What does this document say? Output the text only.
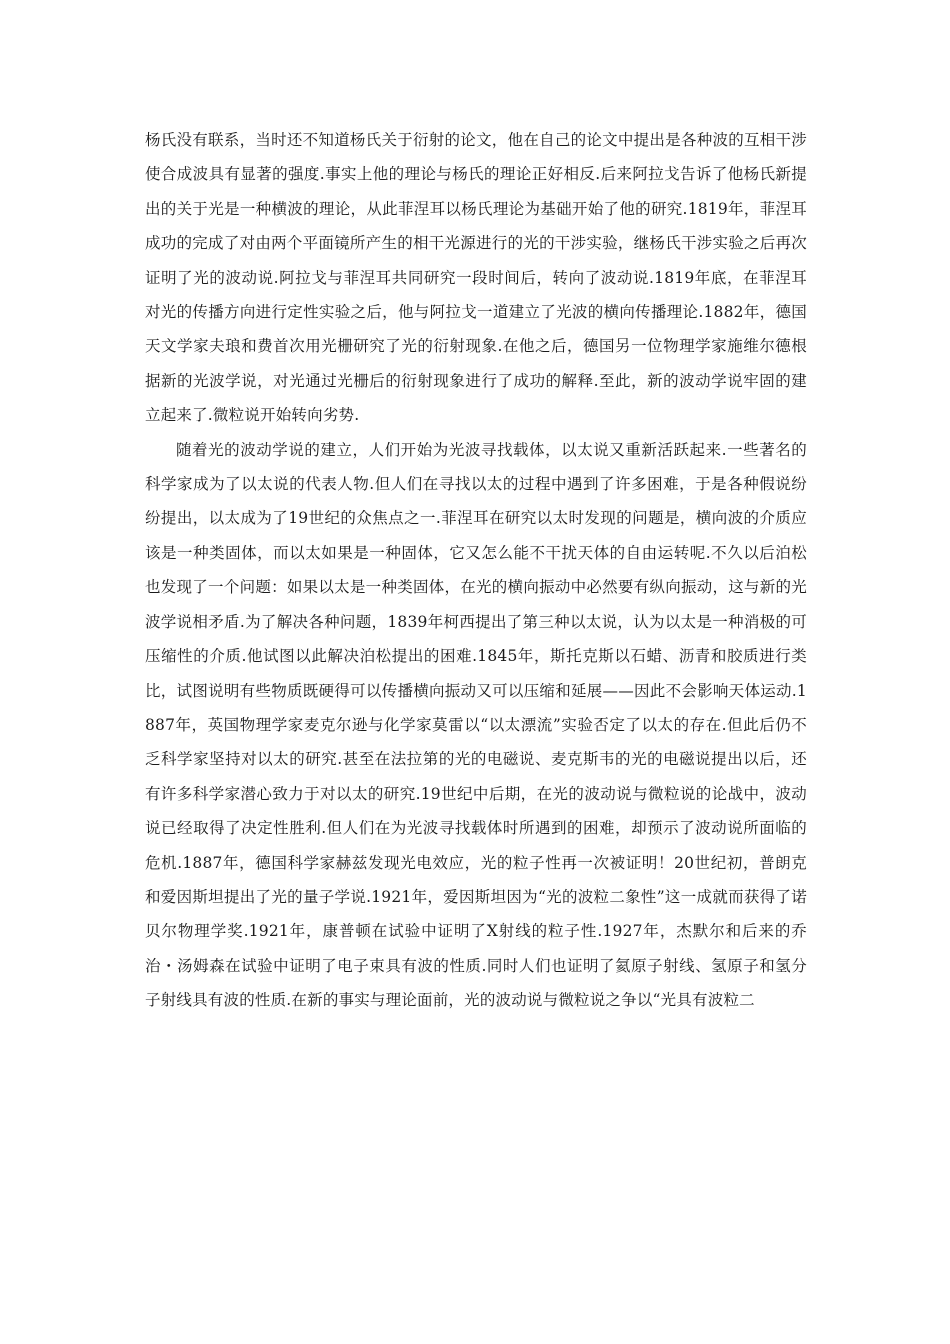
杨氏没有联系，当时还不知道杨氏关于衍射的论文，他在自己的论文中提出是各种波的互相干涉使合成波具有显著的强度.事实上他的理论与杨氏的理论正好相反.后来阿拉戈告诉了他杨氏新提出的关于光是一种横波的理论，从此菲涅耳以杨氏理论为基础开始了他的研究.1819年，菲涅耳成功的完成了对由两个平面镜所产生的相干光源进行的光的干涉实验，继杨氏干涉实验之后再次证明了光的波动说.阿拉戈与菲涅耳共同研究一段时间后，转向了波动说.1819年底，在菲涅耳对光的传播方向进行定性实验之后，他与阿拉戈一道建立了光波的横向传播理论.1882年，德国天文学家夫琅和费首次用光栅研究了光的衍射现象.在他之后，德国另一位物理学家施维尔德根据新的光波学说，对光通过光栅后的衍射现象进行了成功的解释.至此，新的波动学说牢固的建立起来了.微粒说开始转向劣势.

随着光的波动学说的建立，人们开始为光波寻找载体，以太说又重新活跃起来.一些著名的科学家成为了以太说的代表人物.但人们在寻找以太的过程中遇到了许多困难，于是各种假说纷纷提出，以太成为了19世纪的众焦点之一.菲涅耳在研究以太时发现的问题是，横向波的介质应该是一种类固体，而以太如果是一种固体，它又怎么能不干扰天体的自由运转呢.不久以后泊松也发现了一个问题：如果以太是一种类固体，在光的横向振动中必然要有纵向振动，这与新的光波学说相矛盾.为了解决各种问题，1839年柯西提出了第三种以太说，认为以太是一种消极的可压缩性的介质.他试图以此解决泊松提出的困难.1845年，斯托克斯以石蜡、沥青和胶质进行类比，试图说明有些物质既硬得可以传播横向振动又可以压缩和延展——因此不会影响天体运动.1887年，英国物理学家麦克尔逊与化学家莫雷以“以太漂流”实验否定了以太的存在.但此后仍不乏科学家坚持对以太的研究.甚至在法拉第的光的电磁说、麦克斯韦的光的电磁说提出以后，还有许多科学家潜心致力于对以太的研究.19世纪中后期，在光的波动说与微粒说的论战中，波动说已经取得了决定性胜利.但人们在为光波寻找载体时所遇到的困难，却预示了波动说所面临的危机.1887年，德国科学家赫兹发现光电效应，光的粒子性再一次被证明！20世纪初，普朗克和爱因斯坦提出了光的量子学说.1921年，爱因斯坦因为“光的波粒二象性”这一成就而获得了诺贝尔物理学奖.1921年，康普顿在试验中证明了X射线的粒子性.1927年，杰默尔和后来的乔治・汤姆森在试验中证明了电子束具有波的性质.同时人们也证明了氦原子射线、氢原子和氢分子射线具有波的性质.在新的事实与理论面前，光的波动说与微粒说之争以“光具有波粒二
